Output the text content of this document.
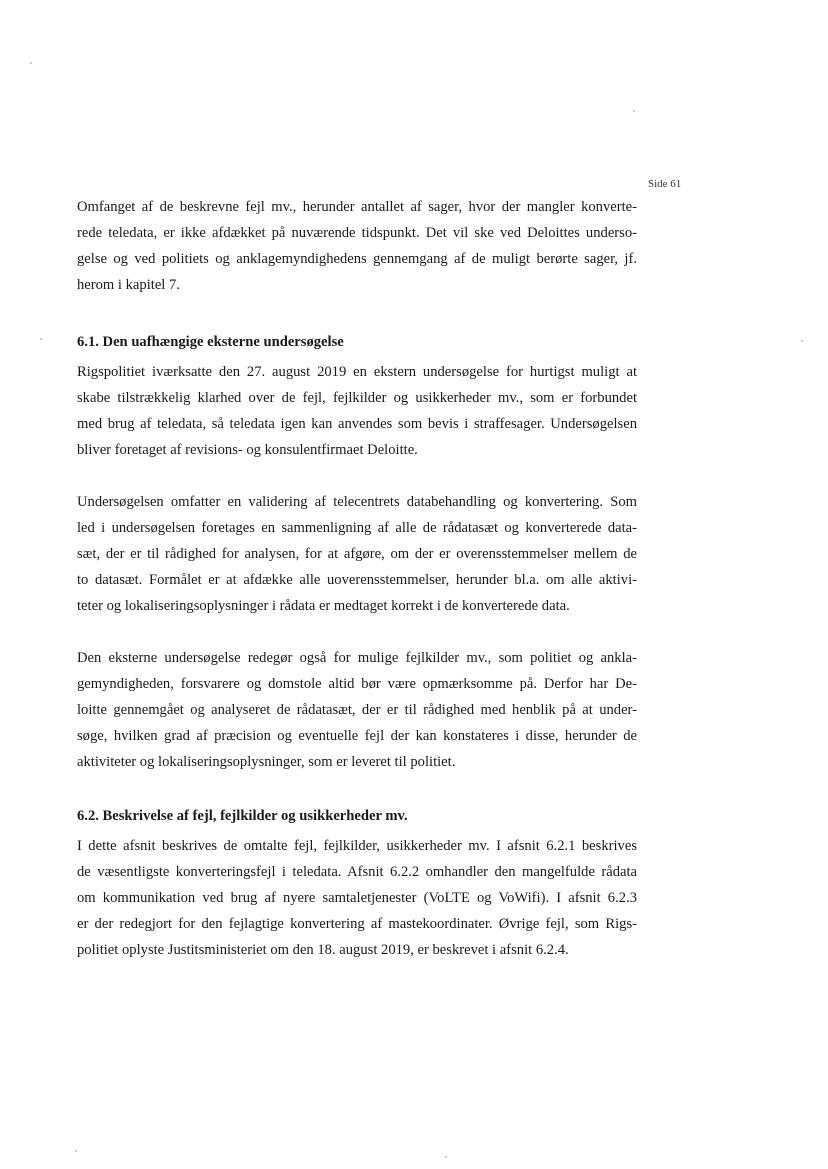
Side 61

Omfanget af de beskrevne fejl mv., herunder antallet af sager, hvor der mangler konverte-
rede teledata, er ikke afdækket på nuværende tidspunkt. Det vil ske ved Deloittes underso-
gelse og ved politiets og anklagemyndighedens gennemgang af de muligt berørte sager, jf.
herom i kapitel 7.

6.1. Den uafhængige eksterne undersøgelse

Rigspolitiet iværksatte den 27. august 2019 en ekstern undersøgelse for hurtigst muligt at
skabe tilstrækkelig klarhed over de fejl, fejlkilder og usikkerheder mv., som er forbundet
med brug af teledata, så teledata igen kan anvendes som bevis i straffesager. Undersøgelsen
bliver foretaget af revisions- og konsulentfirmaet Deloitte.

Undersøgelsen omfatter en validering af telecentrets databehandling og konvertering. Som
led i undersøgelsen foretages en sammenligning af alle de rådatasæt og konverterede data-
sæt, der er til rådighed for analysen, for at afgøre, om der er overensstemmelser mellem de
to datasæt. Formålet er at afdække alle uoverensstemmelser, herunder bl.a. om alle aktivi-
teter og lokaliseringsoplysninger i rådata er medtaget korrekt i de konverterede data.

Den eksterne undersøgelse redegør også for mulige fejlkilder mv., som politiet og ankla-
gemyndigheden, forsvarere og domstole altid bør være opmærksomme på. Derfor har De-
loitte gennemgået og analyseret de rådatasæt, der er til rådighed med henblik på at under-
søge, hvilken grad af præcision og eventuelle fejl der kan konstateres i disse, herunder de
aktiviteter og lokaliseringsoplysninger, som er leveret til politiet.

6.2. Beskrivelse af fejl, fejlkilder og usikkerheder mv.

I dette afsnit beskrives de omtalte fejl, fejlkilder, usikkerheder mv. I afsnit 6.2.1 beskrives
de væsentligste konverteringsfejl i teledata. Afsnit 6.2.2 omhandler den mangelfulde rådata
om kommunikation ved brug af nyere samtaletjenester (VoLTE og VoWifi). I afsnit 6.2.3
er der redegjort for den fejlagtige konvertering af mastekoordinater. Øvrige fejl, som Rigs-
politiet oplyste Justitsministeriet om den 18. august 2019, er beskrevet i afsnit 6.2.4.
